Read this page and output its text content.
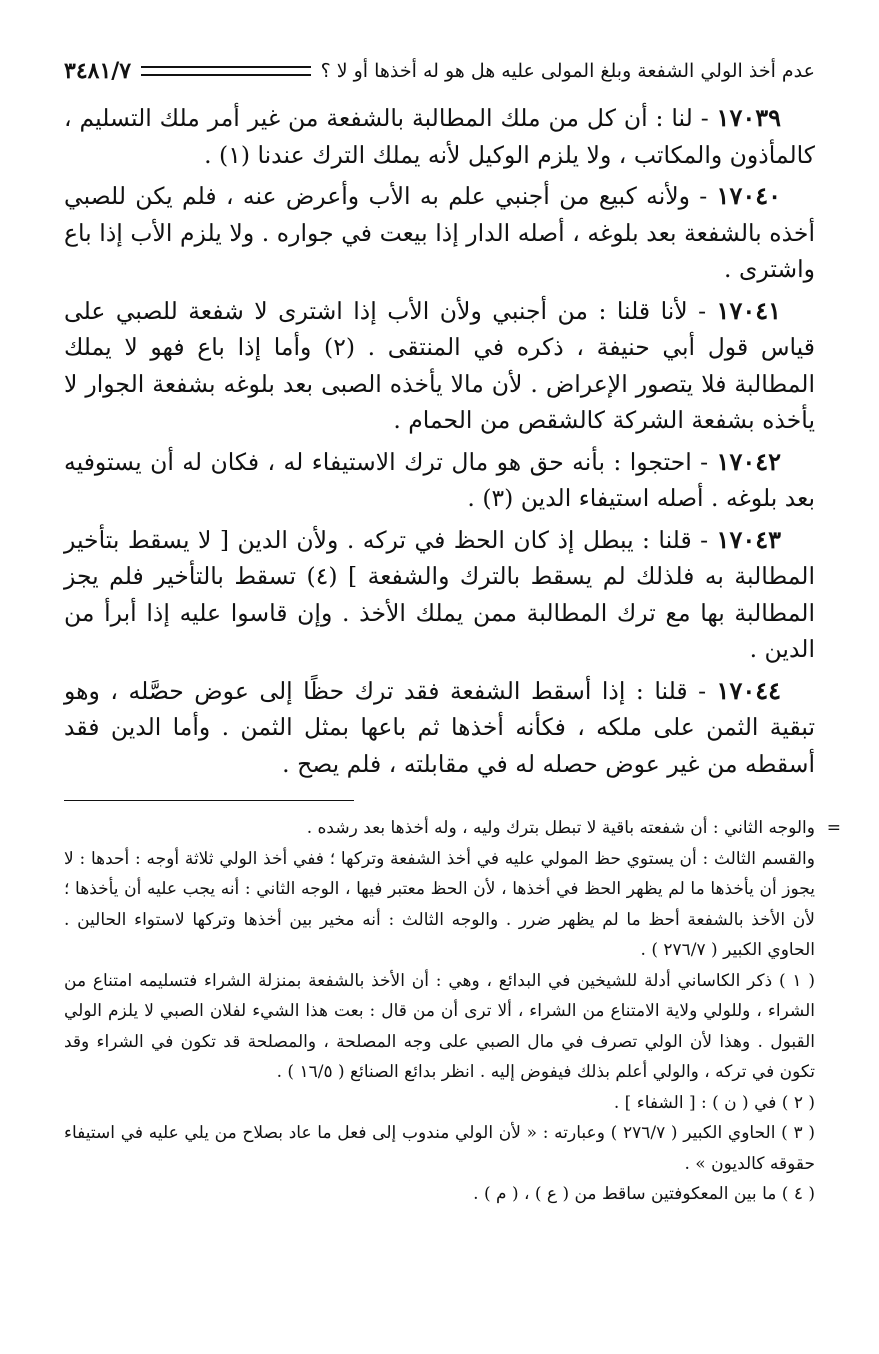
عدم أخذ الولي الشفعة وبلغ المولى عليه هل هو له أخذها أو لا ؟
٣٤٨١/٧

١٧٠٣٩ - لنا : أن كل من ملك المطالبة بالشفعة من غير أمر ملك التسليم ، كالمأذون والمكاتب ، ولا يلزم الوكيل لأنه يملك الترك عندنا (١) .

١٧٠٤٠ - ولأنه كبيع من أجنبي علم به الأب وأعرض عنه ، فلم يكن للصبي أخذه بالشفعة بعد بلوغه ، أصله الدار إذا بيعت في جواره . ولا يلزم الأب إذا باع واشترى .

١٧٠٤١ - لأنا قلنا : من أجنبي ولأن الأب إذا اشترى لا شفعة للصبي على قياس قول أبي حنيفة ، ذكره في المنتقى . (٢) وأما إذا باع فهو لا يملك المطالبة فلا يتصور الإعراض . لأن مالا يأخذه الصبى بعد بلوغه بشفعة الجوار لا يأخذه بشفعة الشركة كالشقص من الحمام .

١٧٠٤٢ - احتجوا : بأنه حق هو مال ترك الاستيفاء له ، فكان له أن يستوفيه بعد بلوغه . أصله استيفاء الدين (٣) .

١٧٠٤٣ - قلنا : يبطل إذ كان الحظ في تركه . ولأن الدين [ لا يسقط بتأخير المطالبة به فلذلك لم يسقط بالترك والشفعة ] (٤) تسقط بالتأخير فلم يجز المطالبة بها مع ترك المطالبة ممن يملك الأخذ . وإن قاسوا عليه إذا أبرأ من الدين .

١٧٠٤٤ - قلنا : إذا أسقط الشفعة فقد ترك حظًا إلى عوض حصَّله ، وهو تبقية الثمن على ملكه ، فكأنه أخذها ثم باعها بمثل الثمن . وأما الدين فقد أسقطه من غير عوض حصله له في مقابلته ، فلم يصح .

=
والوجه الثاني : أن شفعته باقية لا تبطل بترك وليه ، وله أخذها بعد رشده .

والقسم الثالث : أن يستوي حظ المولي عليه في أخذ الشفعة وتركها ؛ ففي أخذ الولي ثلاثة أوجه : أحدها : لا يجوز أن يأخذها ما لم يظهر الحظ في أخذها ، لأن الحظ معتبر فيها ، الوجه الثاني : أنه يجب عليه أن يأخذها ؛ لأن الأخذ بالشفعة أحظ ما لم يظهر ضرر . والوجه الثالث : أنه مخير بين أخذها وتركها لاستواء الحالين . الحاوي الكبير ( ٢٧٦/٧ ) .

( ١ ) ذكر الكاساني أدلة للشيخين في البدائع ، وهي : أن الأخذ بالشفعة بمنزلة الشراء فتسليمه امتناع من الشراء ، وللولي ولاية الامتناع من الشراء ، ألا ترى أن من قال : بعت هذا الشيء لفلان الصبي لا يلزم الولي القبول . وهذا لأن الولي تصرف في مال الصبي على وجه المصلحة ، والمصلحة قد تكون في الشراء وقد تكون في تركه ، والولي أعلم بذلك فيفوض إليه . انظر بدائع الصنائع ( ١٦/٥ ) .

( ٢ ) في ( ن ) : [ الشفاء ] .

( ٣ ) الحاوي الكبير ( ٢٧٦/٧ ) وعبارته : « لأن الولي مندوب إلى فعل ما عاد بصلاح من يلي عليه في استيفاء حقوقه كالديون » .

( ٤ ) ما بين المعكوفتين ساقط من ( ع ) ، ( م ) .
